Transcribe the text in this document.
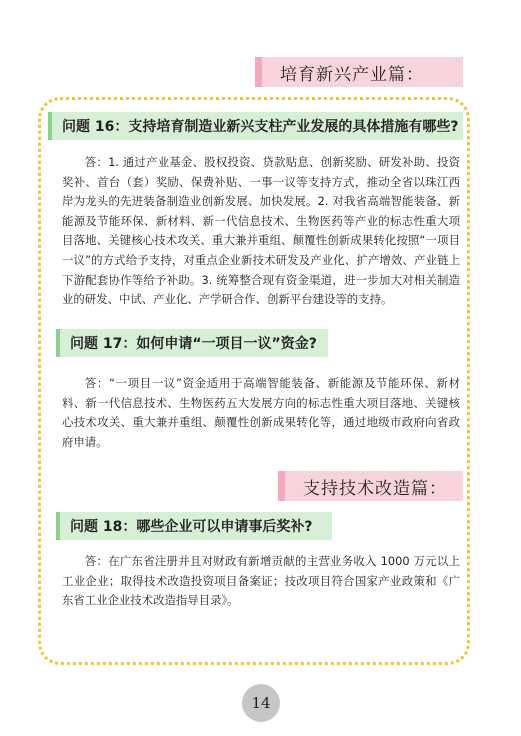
培育新兴产业篇：
问题 16：支持培育制造业新兴支柱产业发展的具体措施有哪些?

答：1. 通过产业基金、股权投资、贷款贴息、创新奖励、研发补助、投资奖补、首台（套）奖励、保费补贴、一事一议等支持方式，推动全省以珠江西岸为龙头的先进装备制造业创新发展、加快发展。2. 对我省高端智能装备、新能源及节能环保、新材料、新一代信息技术、生物医药等产业的标志性重大项目落地、关键核心技术攻关、重大兼并重组、颠覆性创新成果转化按照“一项目一议”的方式给予支持，对重点企业新技术研发及产业化、扩产增效、产业链上下游配套协作等给予补助。3. 统筹整合现有资金渠道，进一步加大对相关制造业的研发、中试、产业化、产学研合作、创新平台建设等的支持。

问题 17：如何申请“一项目一议”资金?

答：“一项目一议”资金适用于高端智能装备、新能源及节能环保、新材料、新一代信息技术、生物医药五大发展方向的标志性重大项目落地、关键核心技术攻关、重大兼并重组、颠覆性创新成果转化等，通过地级市政府向省政府申请。

支持技术改造篇：
问题 18：哪些企业可以申请事后奖补?

答：在广东省注册并且对财政有新增贡献的主营业务收入 1000 万元以上工业企业；取得技术改造投资项目备案证；技改项目符合国家产业政策和《广东省工业企业技术改造指导目录》。

14
